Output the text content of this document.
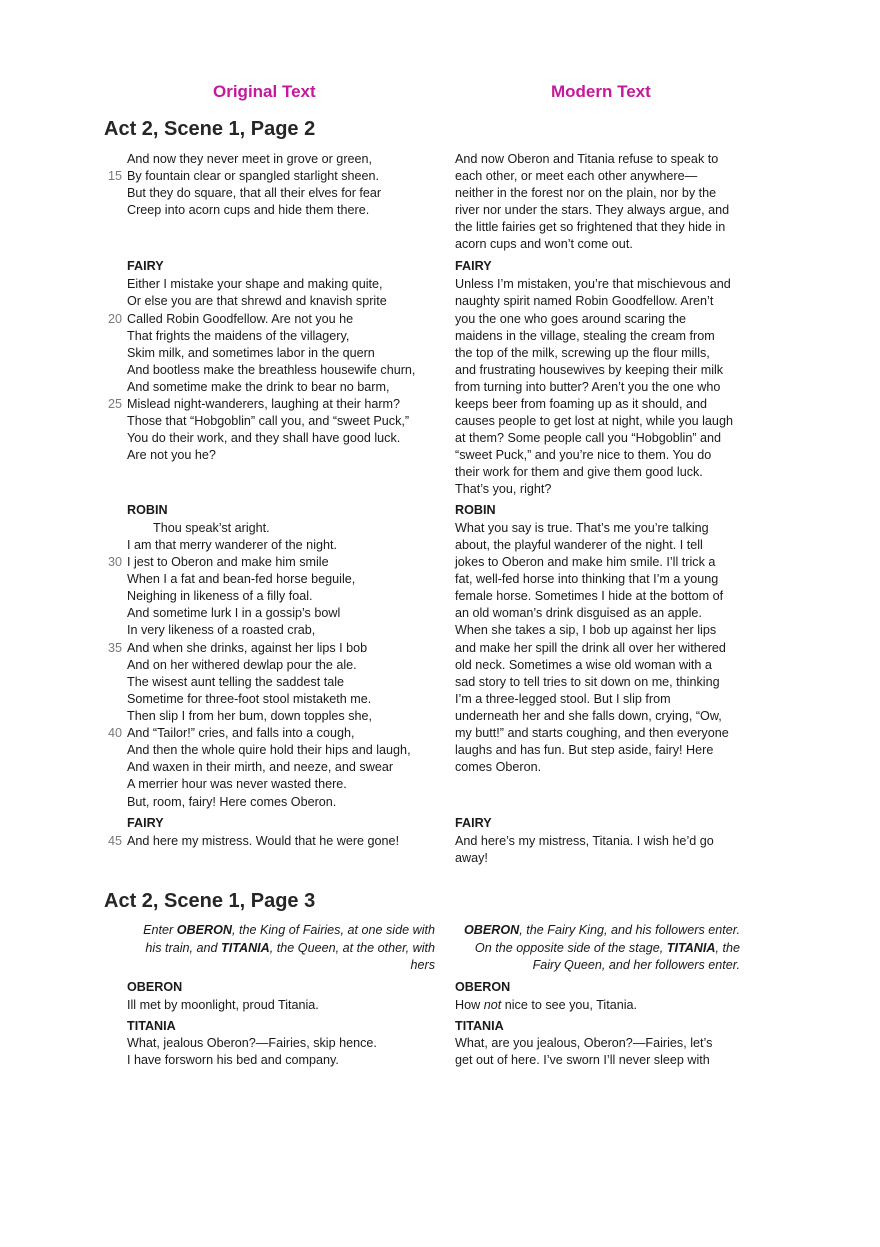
Original Text	Modern Text
Act 2, Scene 1, Page 2
Act 2, Scene 1, Page 3
15
20
25
30
35
40
45
And now they never meet in grove or green,
By fountain clear or spangled starlight sheen.
But they do square, that all their elves for fear
Creep into acorn cups and hide them there.
FAIRY
Either I mistake your shape and making quite,
Or else you are that shrewd and knavish sprite
Called Robin Goodfellow. Are not you he
That frights the maidens of the villagery,
Skim milk, and sometimes labor in the quern
And bootless make the breathless housewife churn,
And sometime make the drink to bear no barm,
Mislead night-wanderers, laughing at their harm?
Those that “Hobgoblin” call you, and “sweet Puck,”
You do their work, and they shall have good luck.
Are not you he?
ROBIN
Thou speak’st aright.
I am that merry wanderer of the night.
I jest to Oberon and make him smile
When I a fat and bean-fed horse beguile,
Neighing in likeness of a filly foal.
And sometime lurk I in a gossip’s bowl
In very likeness of a roasted crab,
And when she drinks, against her lips I bob
And on her withered dewlap pour the ale.
The wisest aunt telling the saddest tale
Sometime for three-foot stool mistaketh me.
Then slip I from her bum, down topples she,
And “Tailor!” cries, and falls into a cough,
And then the whole quire hold their hips and laugh,
And waxen in their mirth, and neeze, and swear
A merrier hour was never wasted there.
But, room, fairy! Here comes Oberon.
FAIRY
And here my mistress. Would that he were gone!
Enter OBERON, the King of Fairies, at one side with
his train, and TITANIA, the Queen, at the other, with
hers
OBERON
Ill met by moonlight, proud Titania.
TITANIA
What, jealous Oberon?—Fairies, skip hence.
I have forsworn his bed and company.
And now Oberon and Titania refuse to speak to
each other, or meet each other anywhere—
neither in the forest nor on the plain, nor by the
river nor under the stars. They always argue, and
the little fairies get so frightened that they hide in
acorn cups and won’t come out.
FAIRY
Unless I’m mistaken, you’re that mischievous and
naughty spirit named Robin Goodfellow. Aren’t
you the one who goes around scaring the
maidens in the village, stealing the cream from
the top of the milk, screwing up the flour mills,
and frustrating housewives by keeping their milk
from turning into butter? Aren’t you the one who
keeps beer from foaming up as it should, and
causes people to get lost at night, while you laugh
at them? Some people call you “Hobgoblin” and
“sweet Puck,” and you’re nice to them. You do
their work for them and give them good luck.
That’s you, right?
ROBIN
What you say is true. That’s me you’re talking
about, the playful wanderer of the night. I tell
jokes to Oberon and make him smile. I’ll trick a
fat, well-fed horse into thinking that I’m a young
female horse. Sometimes I hide at the bottom of
an old woman’s drink disguised as an apple.
When she takes a sip, I bob up against her lips
and make her spill the drink all over her withered
old neck. Sometimes a wise old woman with a
sad story to tell tries to sit down on me, thinking
I’m a three-legged stool. But I slip from
underneath her and she falls down, crying, “Ow,
my butt!” and starts coughing, and then everyone
laughs and has fun. But step aside, fairy! Here
comes Oberon.
FAIRY
And here’s my mistress, Titania. I wish he’d go
away!
OBERON, the Fairy King, and his followers enter.
On the opposite side of the stage, TITANIA, the
Fairy Queen, and her followers enter.
OBERON
How not nice to see you, Titania.
TITANIA
What, are you jealous, Oberon?—Fairies, let’s
get out of here. I’ve sworn I’ll never sleep with
